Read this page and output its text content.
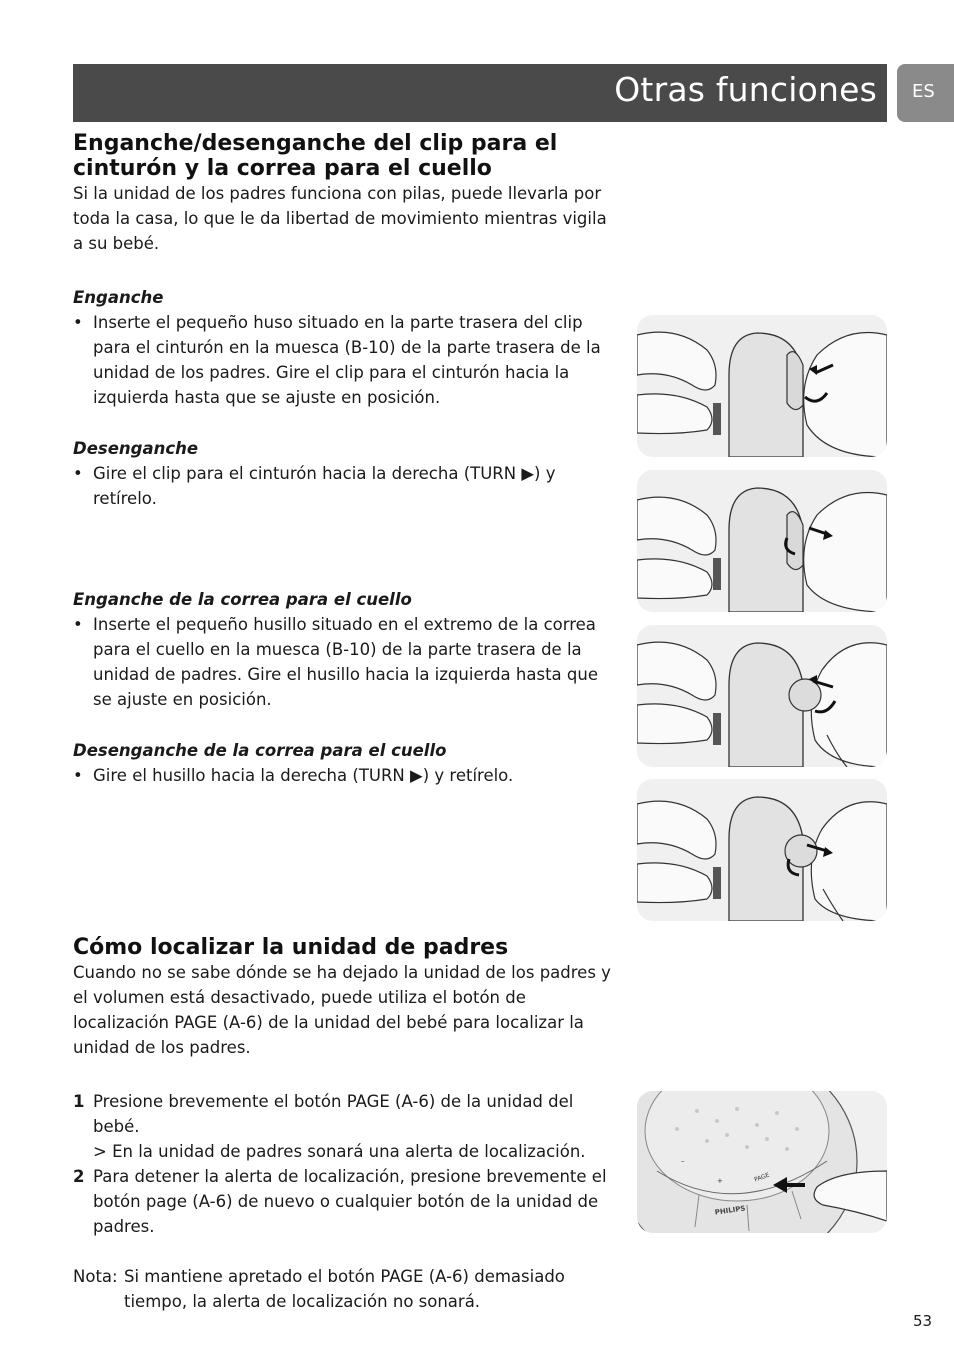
Otras funciones ES
Enganche/desenganche del clip para el cinturón y la correa para el cuello
Si la unidad de los padres funciona con pilas, puede llevarla por toda la casa, lo que le da libertad de movimiento mientras vigila a su bebé.
Enganche
• Inserte el pequeño huso situado en la parte trasera del clip para el cinturón en la muesca (B-10) de la parte trasera de la unidad de los padres. Gire el clip para el cinturón hacia la izquierda hasta que se ajuste en posición.
Desenganche
• Gire el clip para el cinturón hacia la derecha (TURN ▶) y retírelo.
Enganche de la correa para el cuello
• Inserte el pequeño husillo situado en el extremo de la correa para el cuello en la muesca (B-10) de la parte trasera de la unidad de padres. Gire el husillo hacia la izquierda hasta que se ajuste en posición.
Desenganche de la correa para el cuello
• Gire el husillo hacia la derecha (TURN ▶) y retírelo.
Cómo localizar la unidad de padres
Cuando no se sabe dónde se ha dejado la unidad de los padres y el volumen está desactivado, puede utiliza el botón de localización PAGE (A-6) de la unidad del bebé para localizar la unidad de los padres.
1 Presione brevemente el botón PAGE (A-6) de la unidad del bebé.
> En la unidad de padres sonará una alerta de localización.
2 Para detener la alerta de localización, presione brevemente el botón page (A-6) de nuevo o cualquier botón de la unidad de padres.
Nota: Si mantiene apretado el botón PAGE (A-6) demasiado tiempo, la alerta de localización no sonará.
–
+	PAGE
PHILIPS
53
